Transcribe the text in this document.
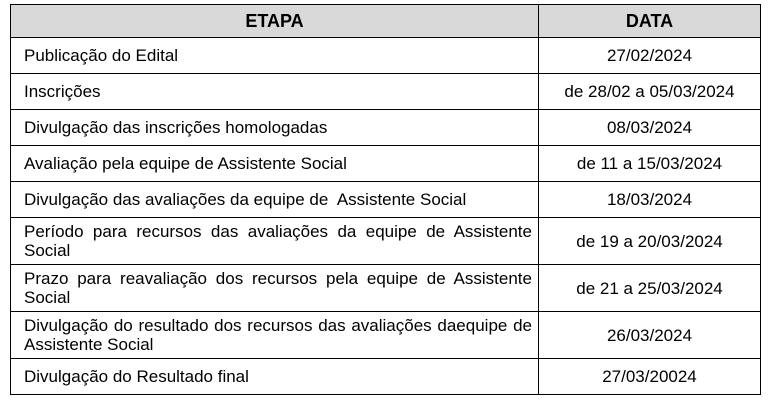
ETAPA	DATA
Publicação do Edital	27/02/2024
Inscrições	de 28/02 a 05/03/2024
Divulgação das inscrições homologadas	08/03/2024
Avaliação pela equipe de Assistente Social	de 11 a 15/03/2024
Divulgação das avaliações da equipe de  Assistente Social	18/03/2024
Período para recursos das avaliações da equipe de Assistente Social	de 19 a 20/03/2024
Prazo para reavaliação dos recursos pela equipe de Assistente Social	de 21 a 25/03/2024
Divulgação do resultado dos recursos das avaliações daequipe de Assistente Social	26/03/2024
Divulgação do Resultado final	27/03/20024
